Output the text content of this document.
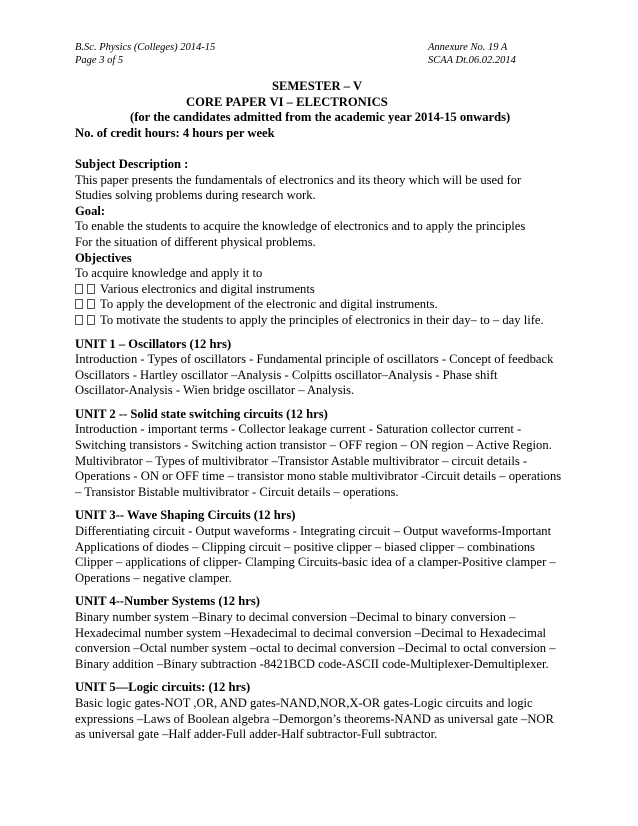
B.Sc. Physics (Colleges) 2014-15
Page 3 of 5
Annexure No. 19 A
SCAA Dt.06.02.2014

SEMESTER – V

CORE PAPER VI – ELECTRONICS

(for the candidates admitted from the academic year 2014-15 onwards)

No. of credit hours: 4 hours per week

Subject Description :

This paper presents the fundamentals of electronics and its theory which will be used for

Studies solving problems during research work.

Goal:

To enable the students to acquire the knowledge of electronics and to apply the principles

For the situation of different physical problems.

Objectives

To acquire knowledge and apply it to

Various electronics and digital instruments

To apply the development of the electronic and digital instruments.

To motivate the students to apply the principles of electronics in their day– to – day life.

UNIT 1 – Oscillators (12 hrs)

Introduction - Types of oscillators - Fundamental principle of oscillators - Concept of feedback

Oscillators - Hartley oscillator –Analysis - Colpitts oscillator–Analysis - Phase shift

Oscillator-Analysis - Wien bridge oscillator – Analysis.

UNIT 2 -- Solid state switching circuits (12 hrs)

Introduction - important terms - Collector leakage current - Saturation collector current -

Switching transistors - Switching action transistor – OFF region – ON region – Active Region.

Multivibrator – Types of multivibrator –Transistor Astable multivibrator – circuit details -

Operations - ON or OFF time – transistor mono stable multivibrator -Circuit details – operations

– Transistor Bistable multivibrator - Circuit details – operations.

UNIT 3-- Wave Shaping Circuits (12 hrs)

Differentiating circuit - Output waveforms - Integrating circuit – Output waveforms-Important

Applications of diodes – Clipping circuit – positive clipper – biased clipper – combinations

Clipper – applications of clipper- Clamping Circuits-basic idea of a clamper-Positive clamper –

Operations – negative clamper.

UNIT 4--Number Systems (12 hrs)

Binary number system –Binary to decimal conversion –Decimal to binary conversion –

Hexadecimal number system –Hexadecimal to decimal conversion –Decimal to Hexadecimal

conversion –Octal number system –octal to decimal conversion –Decimal to octal conversion –

Binary addition –Binary subtraction -8421BCD code-ASCII code-Multiplexer-Demultiplexer.

UNIT 5—Logic circuits: (12 hrs)

Basic logic gates-NOT ,OR, AND gates-NAND,NOR,X-OR gates-Logic circuits and logic

expressions –Laws of Boolean algebra –Demorgon’s theorems-NAND as universal gate –NOR

as universal gate –Half adder-Full adder-Half subtractor-Full subtractor.
